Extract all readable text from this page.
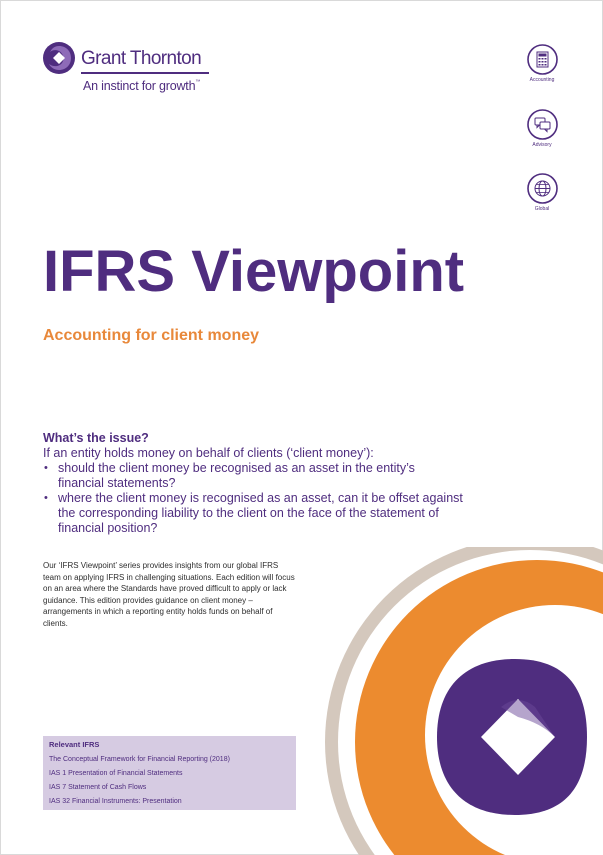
Grant Thornton
An instinct for growth™	Accounting
Advisory
Global
IFRS Viewpoint
Accounting for client money

What’s the issue?

If an entity holds money on behalf of clients (‘client money’):

• should the client money be recognised as an asset in the entity’s financial statements?
• where the client money is recognised as an asset, can it be offset against the corresponding liability to the client on the face of the statement of financial position?

Our ‘IFRS Viewpoint’ series provides insights from our global IFRS team on applying IFRS in challenging situations. Each edition will focus on an area where the Standards have proved difficult to apply or lack guidance. This edition provides guidance on client money – arrangements in which a reporting entity holds funds on behalf of clients.

Relevant IFRS

The Conceptual Framework for Financial Reporting (2018)

IAS 1 Presentation of Financial Statements

IAS 7 Statement of Cash Flows

IAS 32 Financial Instruments: Presentation
